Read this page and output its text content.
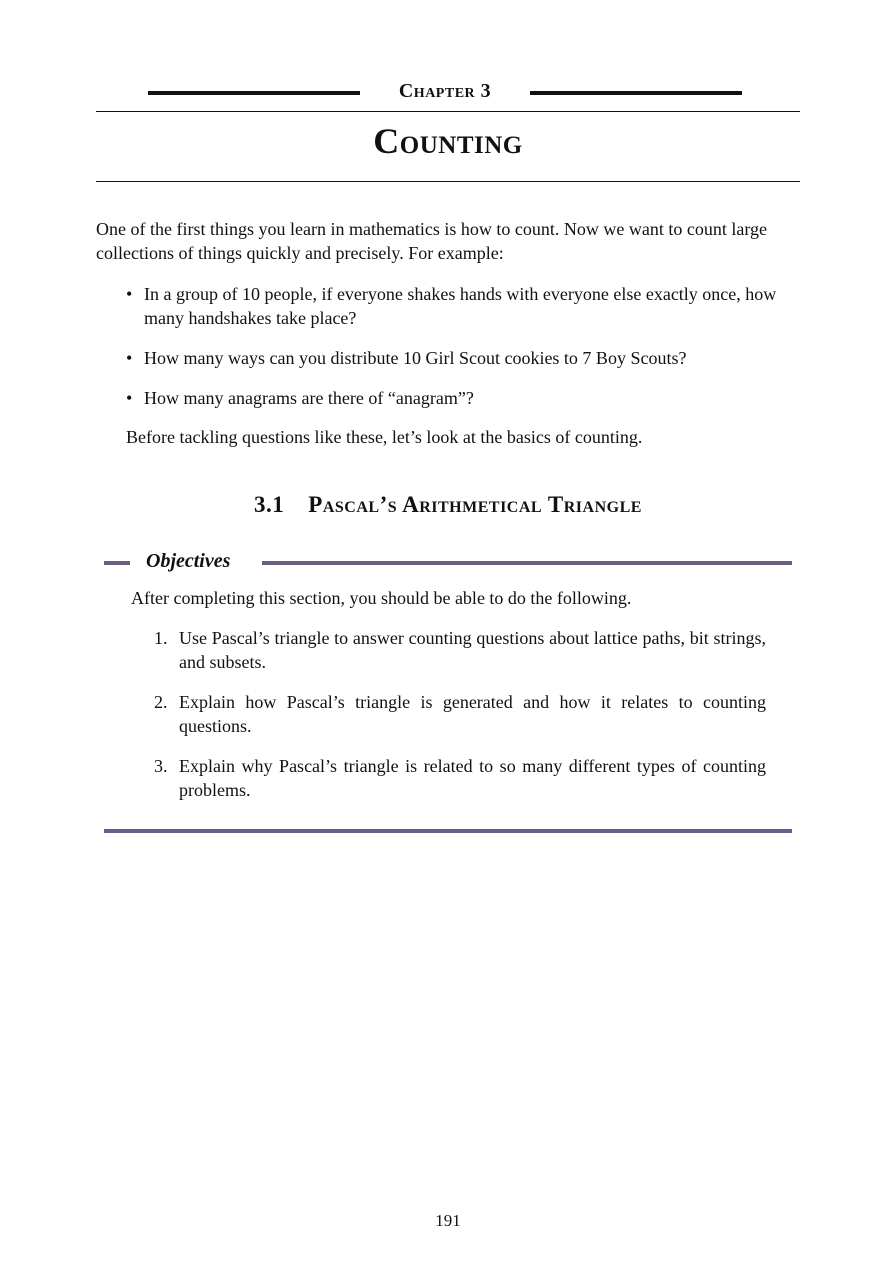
Chapter 3
Counting
One of the first things you learn in mathematics is how to count. Now we want to count large collections of things quickly and precisely. For example:
• In a group of 10 people, if everyone shakes hands with everyone else exactly once, how many handshakes take place?
• How many ways can you distribute 10 Girl Scout cookies to 7 Boy Scouts?
• How many anagrams are there of “anagram”?
Before tackling questions like these, let’s look at the basics of counting.
3.1 Pascal’s Arithmetical Triangle
Objectives
After completing this section, you should be able to do the following.
1. Use Pascal’s triangle to answer counting questions about lattice paths, bit strings, and subsets.
2. Explain how Pascal’s triangle is generated and how it relates to counting questions.
3. Explain why Pascal’s triangle is related to so many different types of counting problems.
191
